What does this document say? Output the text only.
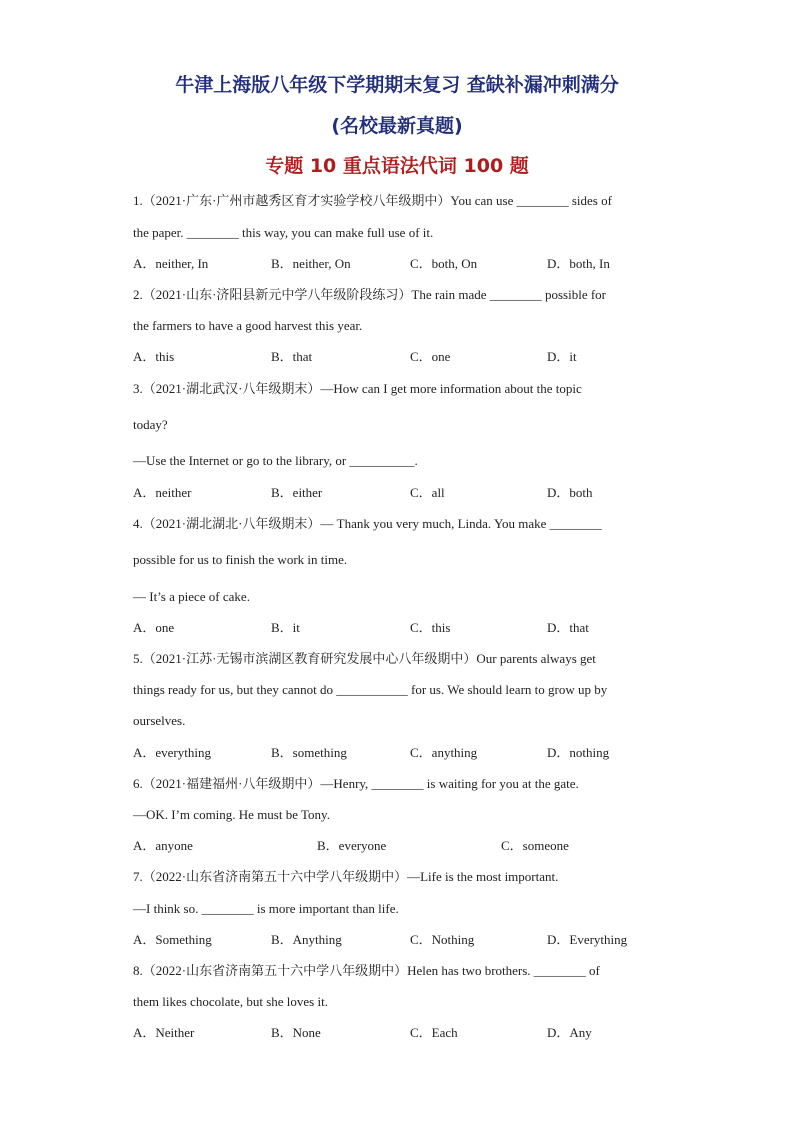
牛津上海版八年级下学期期末复习 查缺补漏冲刺满分
(名校最新真题)
专题 10 重点语法代词 100 题
1.（2021·广东·广州市越秀区育才实验学校八年级期中）You can use ________ sides of
the paper. ________ this way, you can make full use of it.
A．neither, In	B．neither, On	C．both, On	D．both, In
2.（2021·山东·济阳县新元中学八年级阶段练习）The rain made ________ possible for
the farmers to have a good harvest this year.
A．this	B．that	C．one	D．it
3.（2021·湖北武汉·八年级期末）—How can I get more information about the topic
today?
—Use the Internet or go to the library, or __________.
A．neither	B．either	C．all	D．both
4.（2021·湖北湖北·八年级期末）— Thank you very much, Linda. You make ________
possible for us to finish the work in time.
— It’s a piece of cake.
A．one	B．it	C．this	D．that
5.（2021·江苏·无锡市滨湖区教育研究发展中心八年级期中）Our parents always get
things ready for us, but they cannot do ___________ for us. We should learn to grow up by
ourselves.
A．everything	B．something	C．anything	D．nothing
6.（2021·福建福州·八年级期中）—Henry, ________ is waiting for you at the gate.
—OK. I’m coming. He must be Tony.
A．anyone	B．everyone	C．someone
7.（2022·山东省济南第五十六中学八年级期中）—Life is the most important.
—I think so. ________ is more important than life.
A．Something	B．Anything	C．Nothing	D．Everything
8.（2022·山东省济南第五十六中学八年级期中）Helen has two brothers. ________ of
them likes chocolate, but she loves it.
A．Neither	B．None	C．Each	D．Any
